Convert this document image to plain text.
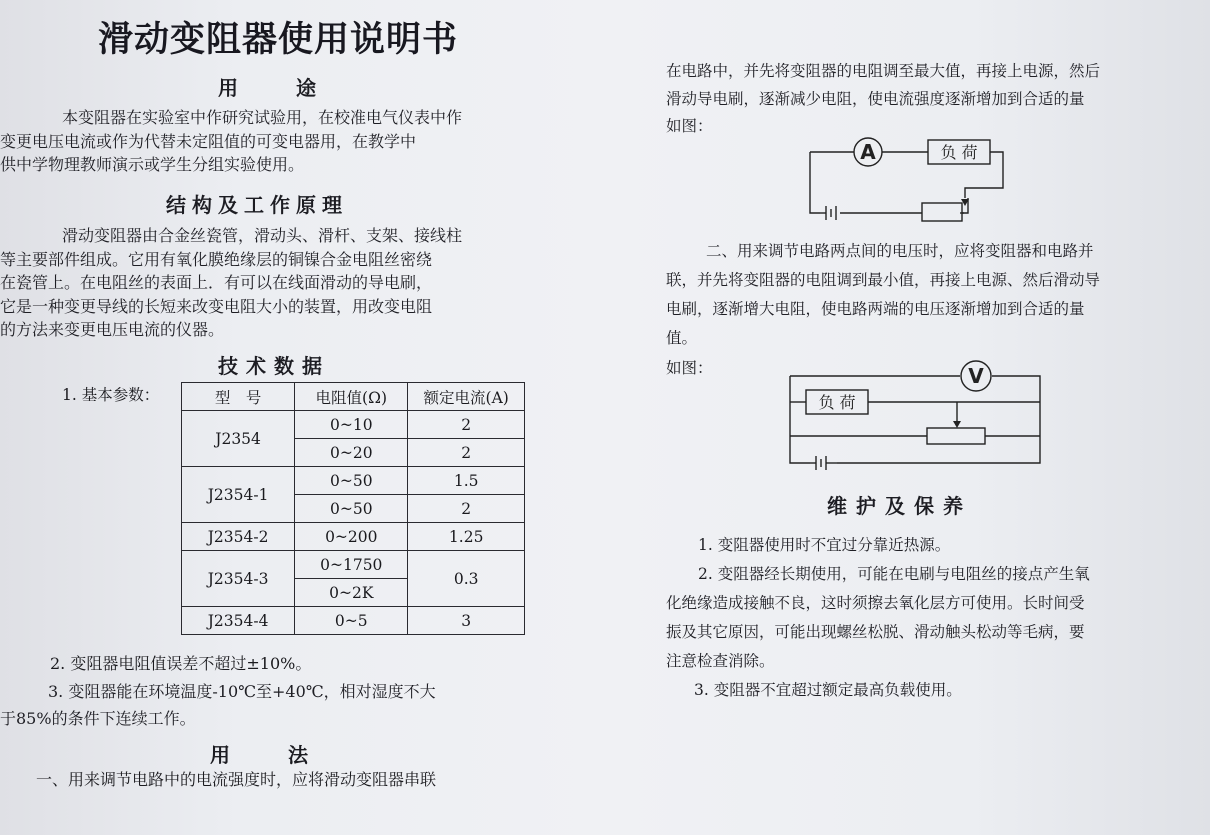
滑动变阻器使用说明书
用　　途
本变阻器在实验室中作研究试验用，在校准电气仪表中作
变更电压电流或作为代替未定阻值的可变电器用，在教学中
供中学物理教师演示或学生分组实验使用。
结构及工作原理
滑动变阻器由合金丝瓷管，滑动头、滑杆、支架、接线柱
等主要部件组成。它用有氧化膜绝缘层的铜镍合金电阻丝密绕
在瓷管上。在电阻丝的表面上．有可以在线面滑动的导电刷，
它是一种变更导线的长短来改变电阻大小的装置，用改变电阻
的方法来变更电压电流的仪器。
技术数据
1. 基本参数：	型　号	电阻值(Ω)	额定电流(A)
J2354	0~10	2
	0~20	2
J2354-1	0~50	1.5
	0~50	2
J2354-2	0~200	1.25
J2354-3	0~1750	0.3
	0~2K	
J2354-4	0~5	3
2. 变阻器电阻值误差不超过±10%。
3. 变阻器能在环境温度-10℃至+40℃，相对湿度不大
于85%的条件下连续工作。
用　　法
一、用来调节电路中的电流强度时，应将滑动变阻器串联
在电路中，并先将变阻器的电阻调至最大值，再接上电源，然后
滑动导电刷，逐渐减少电阻，使电流强度逐渐增加到合适的量
如图：
A	负 荷
二、用来调节电路两点间的电压时，应将变阻器和电路并
联，并先将变阻器的电阻调到最小值，再接上电源、然后滑动导
电刷，逐渐增大电阻，使电路两端的电压逐渐增加到合适的量
值。
如图：	V
负 荷
维护及保养
1. 变阻器使用时不宜过分靠近热源。
2. 变阻器经长期使用，可能在电刷与电阻丝的接点产生氧
化绝缘造成接触不良，这时须擦去氧化层方可使用。长时间受
振及其它原因，可能出现螺丝松脱、滑动触头松动等毛病，要
注意检查消除。
3. 变阻器不宜超过额定最高负载使用。
